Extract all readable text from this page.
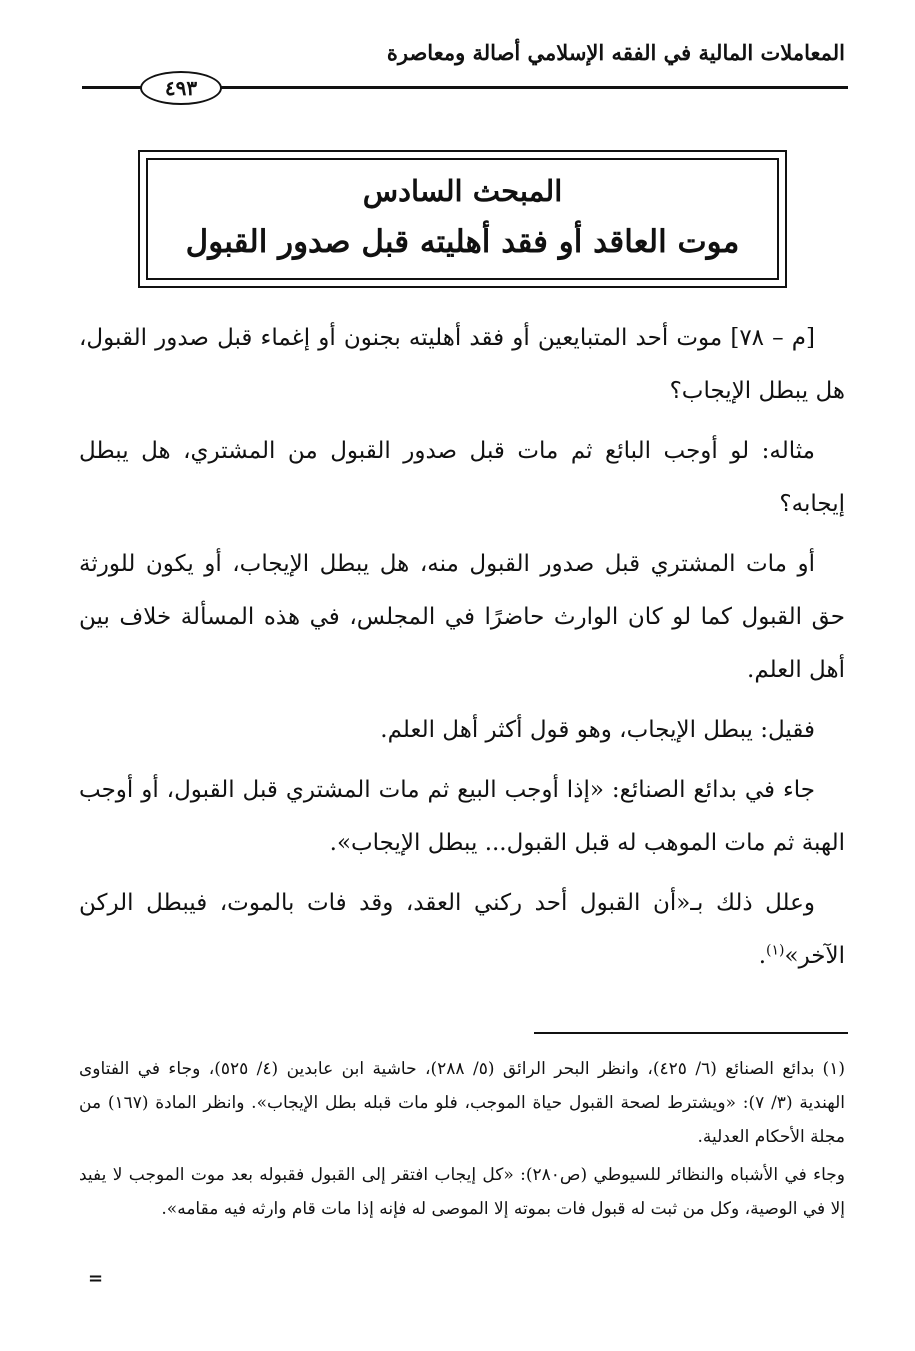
المعاملات المالية في الفقه الإسلامي أصالة ومعاصرة
٤٩٣
المبحث السادس
موت العاقد أو فقد أهليته قبل صدور القبول

[م – ٧٨] موت أحد المتبايعين أو فقد أهليته بجنون أو إغماء قبل صدور القبول، هل يبطل الإيجاب؟

مثاله: لو أوجب البائع ثم مات قبل صدور القبول من المشتري، هل يبطل إيجابه؟

أو مات المشتري قبل صدور القبول منه، هل يبطل الإيجاب، أو يكون للورثة حق القبول كما لو كان الوارث حاضرًا في المجلس، في هذه المسألة خلاف بين أهل العلم.

فقيل: يبطل الإيجاب، وهو قول أكثر أهل العلم.

جاء في بدائع الصنائع: «إذا أوجب البيع ثم مات المشتري قبل القبول، أو أوجب الهبة ثم مات الموهب له قبل القبول... يبطل الإيجاب».

وعلل ذلك بـ«أن القبول أحد ركني العقد، وقد فات بالموت، فيبطل الركن الآخر»$^{(١)}$.

(١)بدائع الصنائع (٦/ ٤٢٥)، وانظر البحر الرائق (٥/ ٢٨٨)، حاشية ابن عابدين (٤/ ٥٢٥)، وجاء في الفتاوى الهندية (٣/ ٧): «ويشترط لصحة القبول حياة الموجب، فلو مات قبله بطل الإيجاب». وانظر المادة (١٦٧) من مجلة الأحكام العدلية.

وجاء في الأشباه والنظائر للسيوطي (ص٢٨٠): «كل إيجاب افتقر إلى القبول فقبوله بعد موت الموجب لا يفيد إلا في الوصية، وكل من ثبت له قبول فات بموته إلا الموصى له فإنه إذا مات قام وارثه فيه مقامه».

=
